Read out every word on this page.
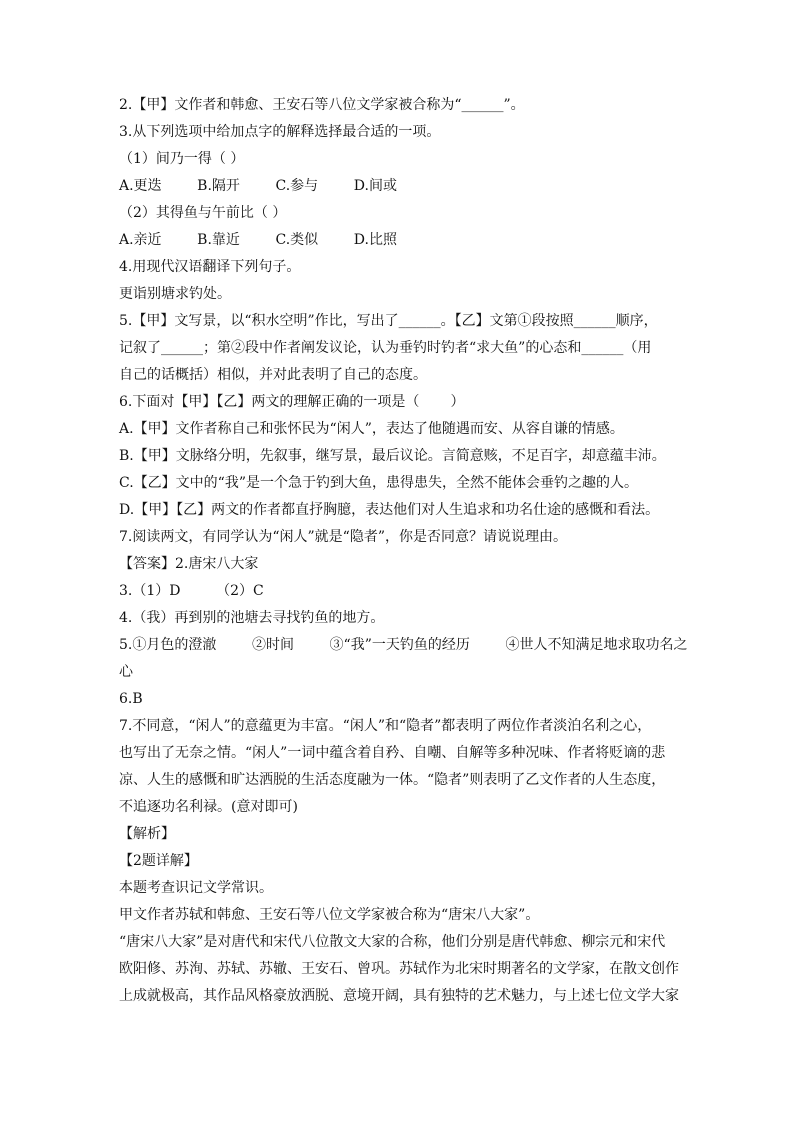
2.【甲】文作者和韩愈、王安石等八位文学家被合称为“______”。
3.从下列选项中给加点字的解释选择最合适的一项。
（1）间乃一得（ ）
A.更迭        B.隔开        C.参与        D.间或
（2）其得鱼与午前比（ ）
A.亲近        B.靠近        C.类似        D.比照
4.用现代汉语翻译下列句子。
更诣别塘求钓处。
5.【甲】文写景，以“积水空明”作比，写出了______。【乙】文第①段按照______顺序，
记叙了______；第②段中作者阐发议论，认为垂钓时钓者“求大鱼”的心态和______（用
自己的话概括）相似，并对此表明了自己的态度。
6.下面对【甲】【乙】两文的理解正确的一项是（       ）
A.【甲】文作者称自己和张怀民为“闲人”，表达了他随遇而安、从容自谦的情感。
B.【甲】文脉络分明，先叙事，继写景，最后议论。言简意赅，不足百字，却意蕴丰沛。
C.【乙】文中的“我”是一个急于钓到大鱼，患得患失，全然不能体会垂钓之趣的人。
D.【甲】【乙】两文的作者都直抒胸臆，表达他们对人生追求和功名仕途的感慨和看法。
7.阅读两文，有同学认为“闲人”就是“隐者”，你是否同意？请说说理由。
【答案】2.唐宋八大家
3.（1）D        （2）C
4.（我）再到别的池塘去寻找钓鱼的地方。
5.①月色的澄澈        ②时间        ③“我”一天钓鱼的经历        ④世人不知满足地求取功名之
心
6.B
7.不同意，“闲人”的意蕴更为丰富。“闲人”和“隐者”都表明了两位作者淡泊名利之心，
也写出了无奈之情。“闲人”一词中蕴含着自矜、自嘲、自解等多种况味、作者将贬谪的悲
凉、人生的感慨和旷达洒脱的生活态度融为一体。“隐者”则表明了乙文作者的人生态度，
不追逐功名利禄。(意对即可)
【解析】
【2题详解】
本题考查识记文学常识。
甲文作者苏轼和韩愈、王安石等八位文学家被合称为“唐宋八大家”。
“唐宋八大家”是对唐代和宋代八位散文大家的合称，他们分别是唐代韩愈、柳宗元和宋代
欧阳修、苏洵、苏轼、苏辙、王安石、曾巩。苏轼作为北宋时期著名的文学家，在散文创作
上成就极高，其作品风格豪放洒脱、意境开阔，具有独特的艺术魅力，与上述七位文学大家
